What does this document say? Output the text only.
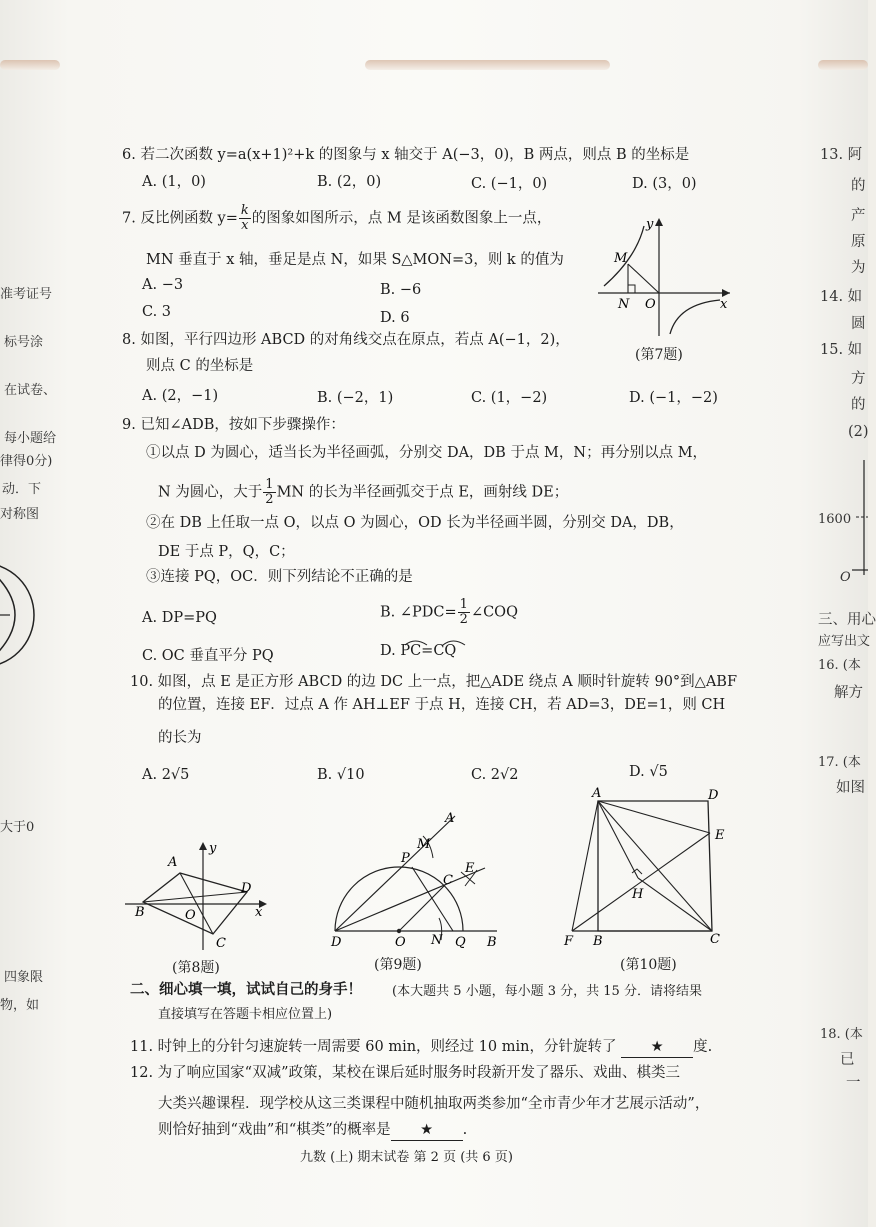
准考证号
标号涂
在试卷、
每小题给
律得0分)
动．下
对称图
大于0
四象限
物，如
6. 若二次函数 y=a(x+1)²+k 的图象与 x 轴交于 A(−3，0)，B 两点，则点 B 的坐标是
A. (1，0)	B. (2，0)	C. (−1，0)	D. (3，0)
7. 反比例函数 $y= \frac{k}{x}$ 的图象如图所示，点 M 是该函数图象上一点，
MN 垂直于 x 轴，垂足是点 N，如果 S△MON=3，则 k 的值为
A. −3	B. −6
C. 3	D. 6
y
M
N O	x
(第7题)
8. 如图，平行四边形 ABCD 的对角线交点在原点，若点 A(−1，2)，
则点 C 的坐标是
A. (2，−1)	B. (−2，1)	C. (1，−2)	D. (−1，−2)
9. 已知∠ADB，按如下步骤操作：
①以点 D 为圆心，适当长为半径画弧，分别交 DA，DB 于点 M，N；再分别以点 M，
N 为圆心，大于 $\frac{1}{2}$ MN 的长为半径画弧交于点 E，画射线 DE；
②在 DB 上任取一点 O，以点 O 为圆心，OD 长为半径画半圆，分别交 DA，DB，
DE 于点 P，Q，C；
③连接 PQ，OC．则下列结论不正确的是
A. DP=PQ	B. ∠PDC= $\frac{1}{2}$ ∠COQ
C. OC 垂直平分 PQ	D. PC=CQ
10. 如图，点 E 是正方形 ABCD 的边 DC 上一点，把△ADE 绕点 A 顺时针旋转 90°到△ABF
的位置，连接 EF．过点 A 作 AH⊥EF 于点 H，连接 CH，若 AD=3，DE=1，则 CH
的长为
A. 2√5	B. √10	C. 2√2	D. √5
y
A
D
B	O	x
C
(第8题)
A
M
P
E
C
D	O N Q B
(第9题)
A	D
E
H
F B	C
(第10题)
二、细心填一填，试试自己的身手！ (本大题共 5 小题，每小题 3 分，共 15 分．请将结果
直接填写在答题卡相应位置上)
11. 时钟上的分针匀速旋转一周需要 60 min，则经过 10 min，分针旋转了 ★ 度.
12. 为了响应国家“双减”政策，某校在课后延时服务时段新开发了器乐、戏曲、棋类三
大类兴趣课程．现学校从这三类课程中随机抽取两类参加“全市青少年才艺展示活动”，
则恰好抽到“戏曲”和“棋类”的概率是 ★ .
九数 (上) 期末试卷 第 2 页 (共 6 页)
13. 阿
的
产
原
为
14. 如
圆
15. 如
方
的
(2)
1600
O
三、用心
应写出文
16. (本
解方
17. (本
如图
18. (本
已
一
